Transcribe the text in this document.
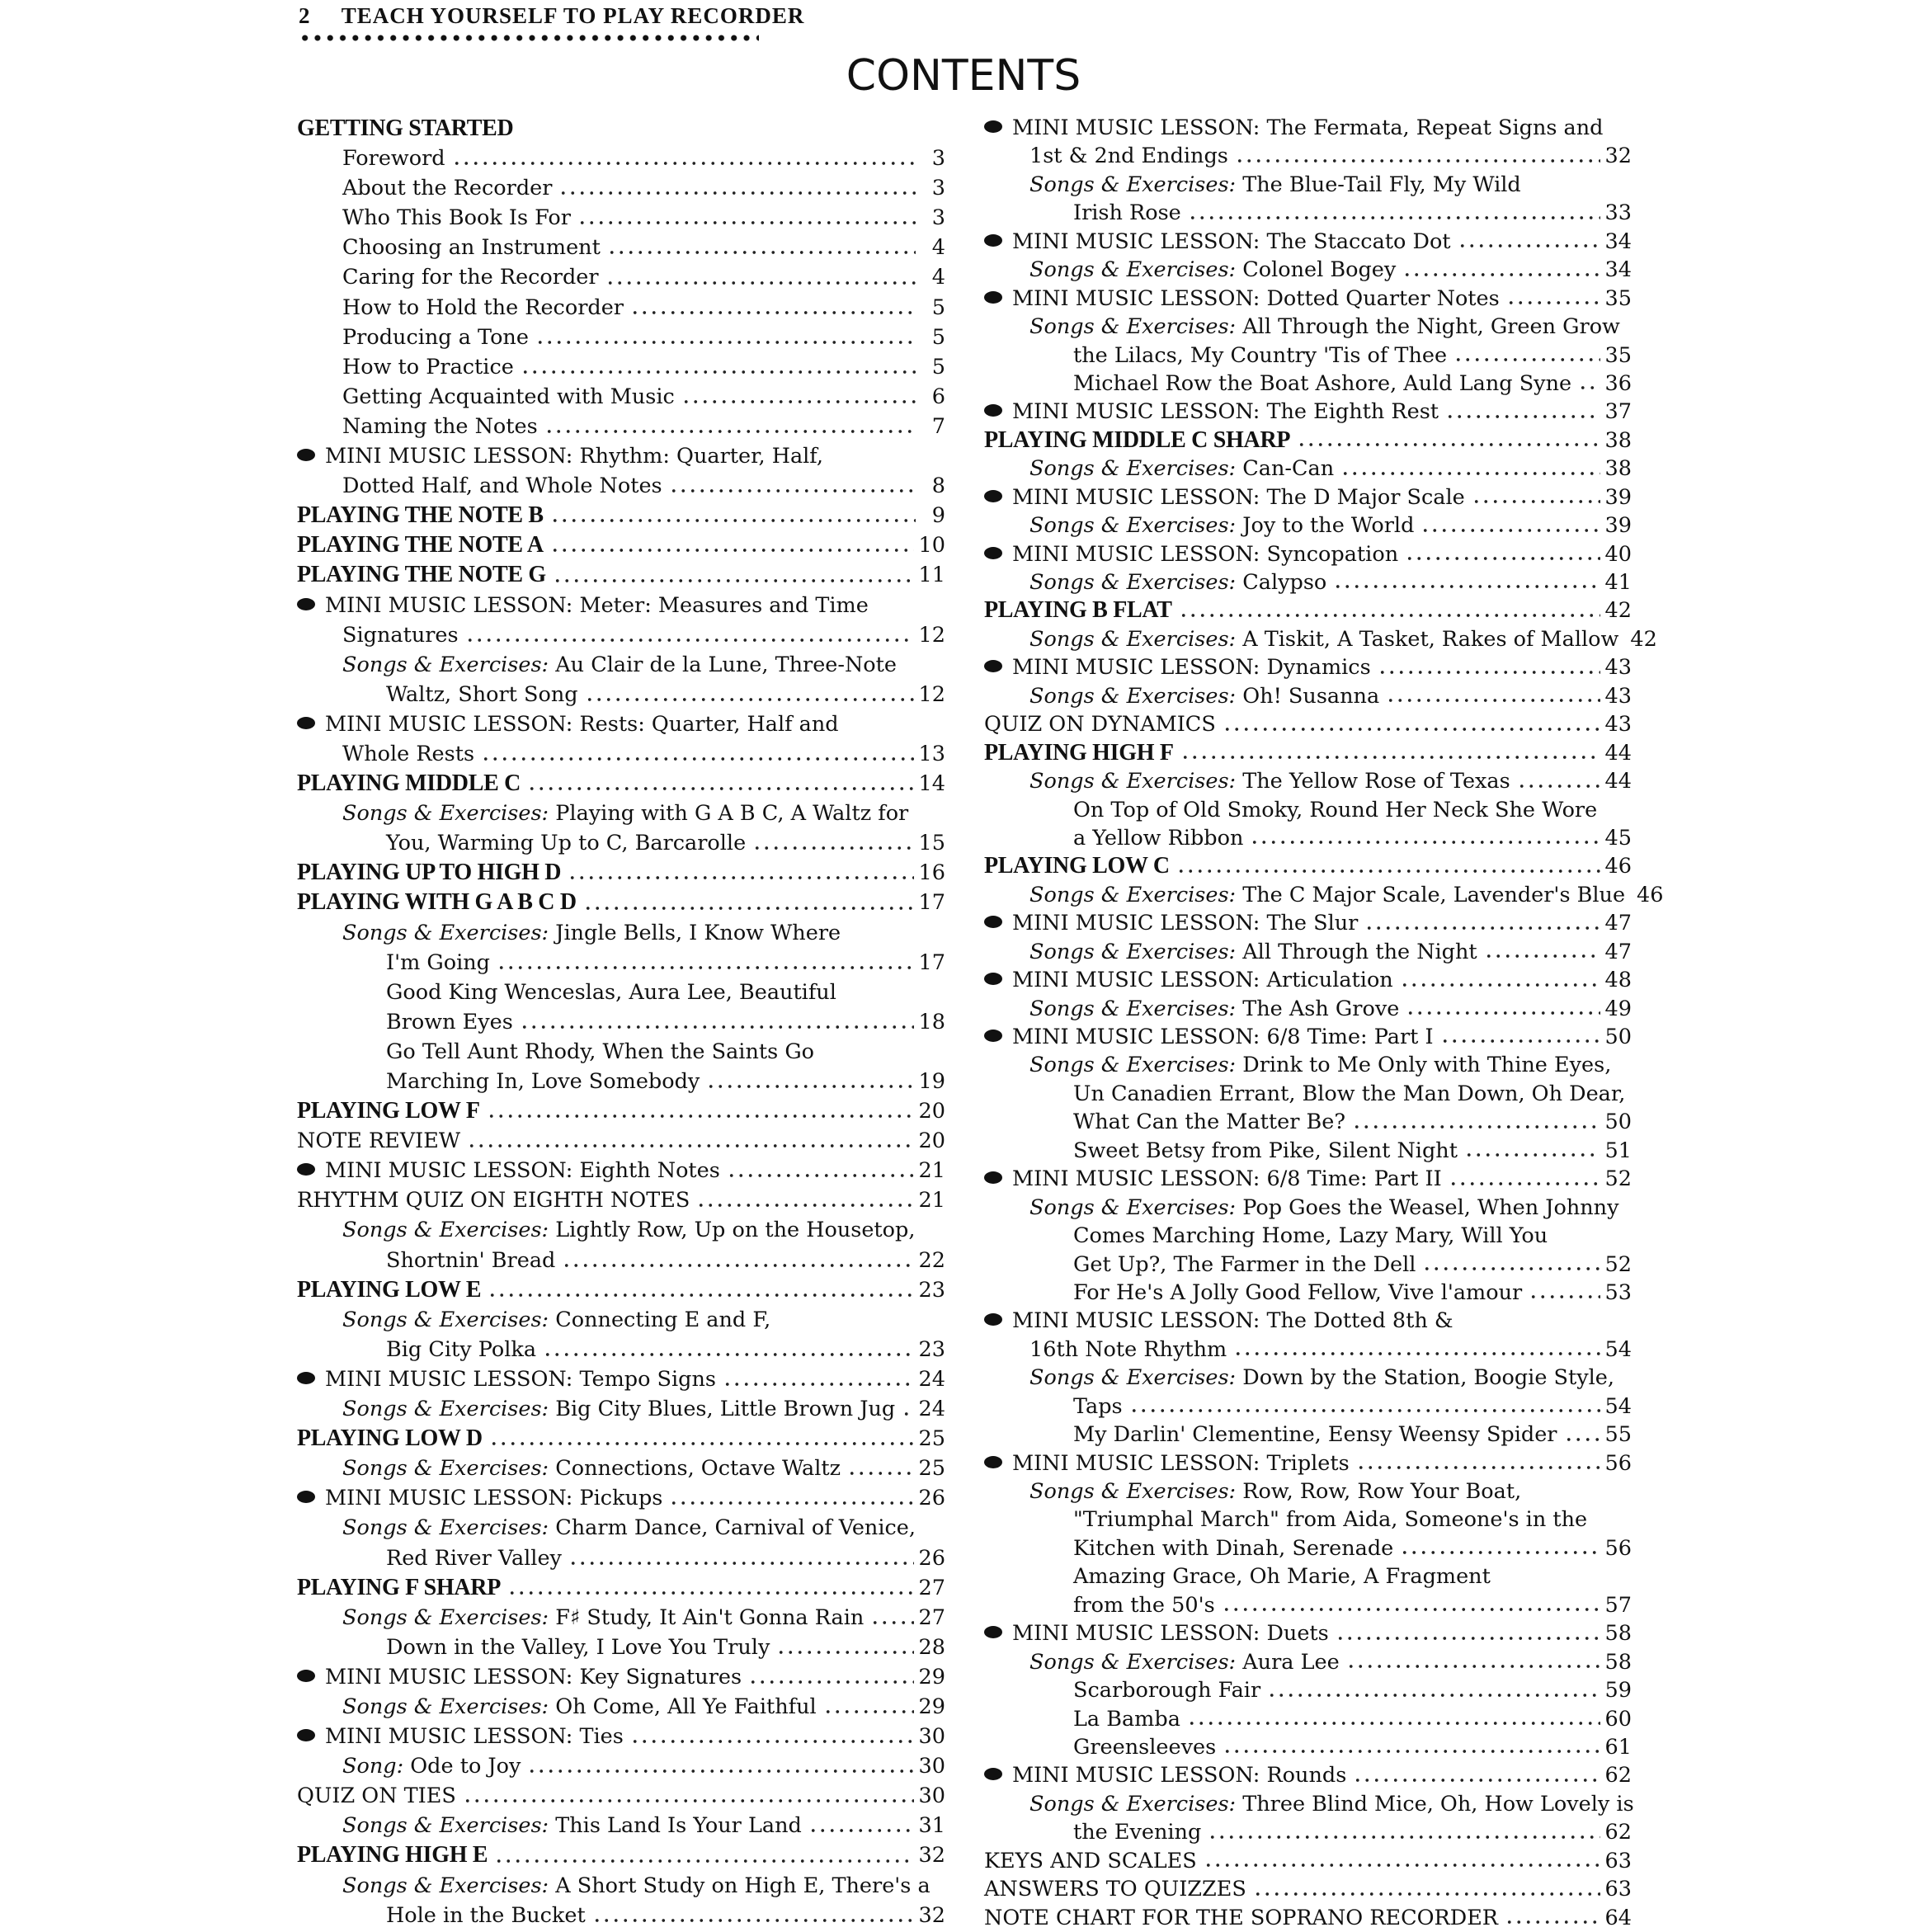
2 TEACH YOURSELF TO PLAY RECORDER
CONTENTS
GETTING STARTED
Foreword	3
About the Recorder	3
Who This Book Is For	3
Choosing an Instrument	4
Caring for the Recorder	4
How to Hold the Recorder	5
Producing a Tone	5
How to Practice	5
Getting Acquainted with Music	6
Naming the Notes	7
MINI MUSIC LESSON: Rhythm: Quarter, Half,
Dotted Half, and Whole Notes	8
PLAYING THE NOTE B	9
PLAYING THE NOTE A	10
PLAYING THE NOTE G	11
MINI MUSIC LESSON: Meter: Measures and Time
Signatures	12
Songs & Exercises: Au Clair de la Lune, Three-Note
Waltz, Short Song	12
MINI MUSIC LESSON: Rests: Quarter, Half and
Whole Rests	13
PLAYING MIDDLE C	14
Songs & Exercises: Playing with G A B C, A Waltz for
You, Warming Up to C, Barcarolle	15
PLAYING UP TO HIGH D	16
PLAYING WITH G A B C D	17
Songs & Exercises: Jingle Bells, I Know Where
I'm Going	17
Good King Wenceslas, Aura Lee, Beautiful
Brown Eyes	18
Go Tell Aunt Rhody, When the Saints Go
Marching In, Love Somebody	19
PLAYING LOW F	20
NOTE REVIEW	20
MINI MUSIC LESSON: Eighth Notes	21
RHYTHM QUIZ ON EIGHTH NOTES	21
Songs & Exercises: Lightly Row, Up on the Housetop,
Shortnin' Bread	22
PLAYING LOW E	23
Songs & Exercises: Connecting E and F,
Big City Polka	23
MINI MUSIC LESSON: Tempo Signs	24
Songs & Exercises: Big City Blues, Little Brown Jug 24
PLAYING LOW D	25
Songs & Exercises: Connections, Octave Waltz	25
MINI MUSIC LESSON: Pickups	26
Songs & Exercises: Charm Dance, Carnival of Venice,
Red River Valley	26
PLAYING F SHARP	27
Songs & Exercises: F♯ Study, It Ain't Gonna Rain	27
Down in the Valley, I Love You Truly	28
MINI MUSIC LESSON: Key Signatures	29
Songs & Exercises: Oh Come, All Ye Faithful	29
MINI MUSIC LESSON: Ties	30
Song: Ode to Joy	30
QUIZ ON TIES	30
Songs & Exercises: This Land Is Your Land	31
PLAYING HIGH E	32
Songs & Exercises: A Short Study on High E, There's a
Hole in the Bucket	32
MINI MUSIC LESSON: The Fermata, Repeat Signs and
1st & 2nd Endings	32
Songs & Exercises: The Blue-Tail Fly, My Wild
Irish Rose	33
MINI MUSIC LESSON: The Staccato Dot	34
Songs & Exercises: Colonel Bogey	34
MINI MUSIC LESSON: Dotted Quarter Notes	35
Songs & Exercises: All Through the Night, Green Grow
the Lilacs, My Country 'Tis of Thee	35
Michael Row the Boat Ashore, Auld Lang Syne 36
MINI MUSIC LESSON: The Eighth Rest	37
PLAYING MIDDLE C SHARP	38
Songs & Exercises: Can-Can	38
MINI MUSIC LESSON: The D Major Scale	39
Songs & Exercises: Joy to the World	39
MINI MUSIC LESSON: Syncopation	40
Songs & Exercises: Calypso	41
PLAYING B FLAT	42
Songs & Exercises: A Tiskit, A Tasket, Rakes of Mallow 42
MINI MUSIC LESSON: Dynamics	43
Songs & Exercises: Oh! Susanna	43
QUIZ ON DYNAMICS	43
PLAYING HIGH F	44
Songs & Exercises: The Yellow Rose of Texas	44
On Top of Old Smoky, Round Her Neck She Wore
a Yellow Ribbon	45
PLAYING LOW C	46
Songs & Exercises: The C Major Scale, Lavender's Blue 46
MINI MUSIC LESSON: The Slur	47
Songs & Exercises: All Through the Night	47
MINI MUSIC LESSON: Articulation	48
Songs & Exercises: The Ash Grove	49
MINI MUSIC LESSON: 6/8 Time: Part I	50
Songs & Exercises: Drink to Me Only with Thine Eyes,
Un Canadien Errant, Blow the Man Down, Oh Dear,
What Can the Matter Be?	50
Sweet Betsy from Pike, Silent Night	51
MINI MUSIC LESSON: 6/8 Time: Part II	52
Songs & Exercises: Pop Goes the Weasel, When Johnny
Comes Marching Home, Lazy Mary, Will You
Get Up?, The Farmer in the Dell	52
For He's A Jolly Good Fellow, Vive l'amour	53
MINI MUSIC LESSON: The Dotted 8th &
16th Note Rhythm	54
Songs & Exercises: Down by the Station, Boogie Style,
Taps	54
My Darlin' Clementine, Eensy Weensy Spider 55
MINI MUSIC LESSON: Triplets	56
Songs & Exercises: Row, Row, Row Your Boat,
"Triumphal March" from Aida, Someone's in the
Kitchen with Dinah, Serenade	56
Amazing Grace, Oh Marie, A Fragment
from the 50's	57
MINI MUSIC LESSON: Duets	58
Songs & Exercises: Aura Lee	58
Scarborough Fair	59
La Bamba	60
Greensleeves	61
MINI MUSIC LESSON: Rounds	62
Songs & Exercises: Three Blind Mice, Oh, How Lovely is
the Evening	62
KEYS AND SCALES	63
ANSWERS TO QUIZZES	63
NOTE CHART FOR THE SOPRANO RECORDER	64
